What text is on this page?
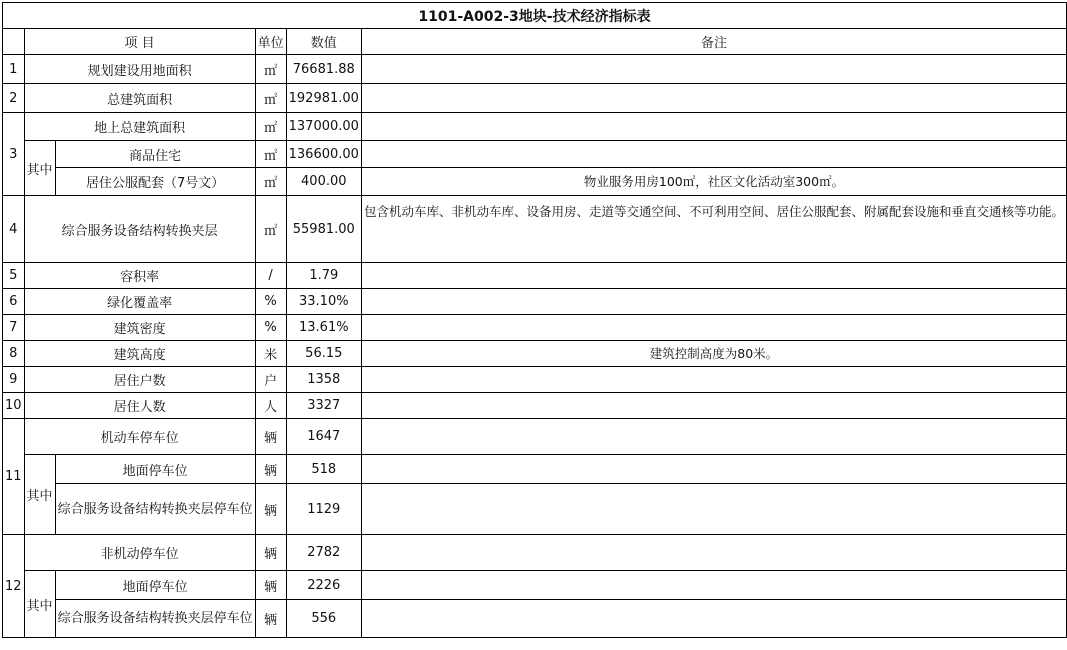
1101-A002-3地块-技术经济指标表					
	项 目		单位	数值	备注
1	规划建设用地面积		㎡	76681.88	
2	总建筑面积		㎡	192981.00	
3	地上总建筑面积		㎡	137000.00	
	其中	商品住宅	㎡	136600.00	
		居住公服配套（7号文）	㎡	400.00	物业服务用房100㎡，社区文化活动室300㎡。
4	综合服务设备结构转换夹层		㎡	55981.00	包含机动车库、非机动车库、设备用房、走道等交通空间、不可利用空间、居住公服配套、附属配套设施和垂直交通核等功能。
5	容积率		/	1.79	
6	绿化覆盖率		%	33.10%	
7	建筑密度		%	13.61%	
8	建筑高度		米	56.15	建筑控制高度为80米。
9	居住户数		户	1358	
10	居住人数		人	3327	
11	机动车停车位		辆	1647	
	其中	地面停车位	辆	518	
		综合服务设备结构转换夹层停车位	辆	1129	
12	非机动停车位		辆	2782	
	其中	地面停车位	辆	2226	
		综合服务设备结构转换夹层停车位	辆	556	
